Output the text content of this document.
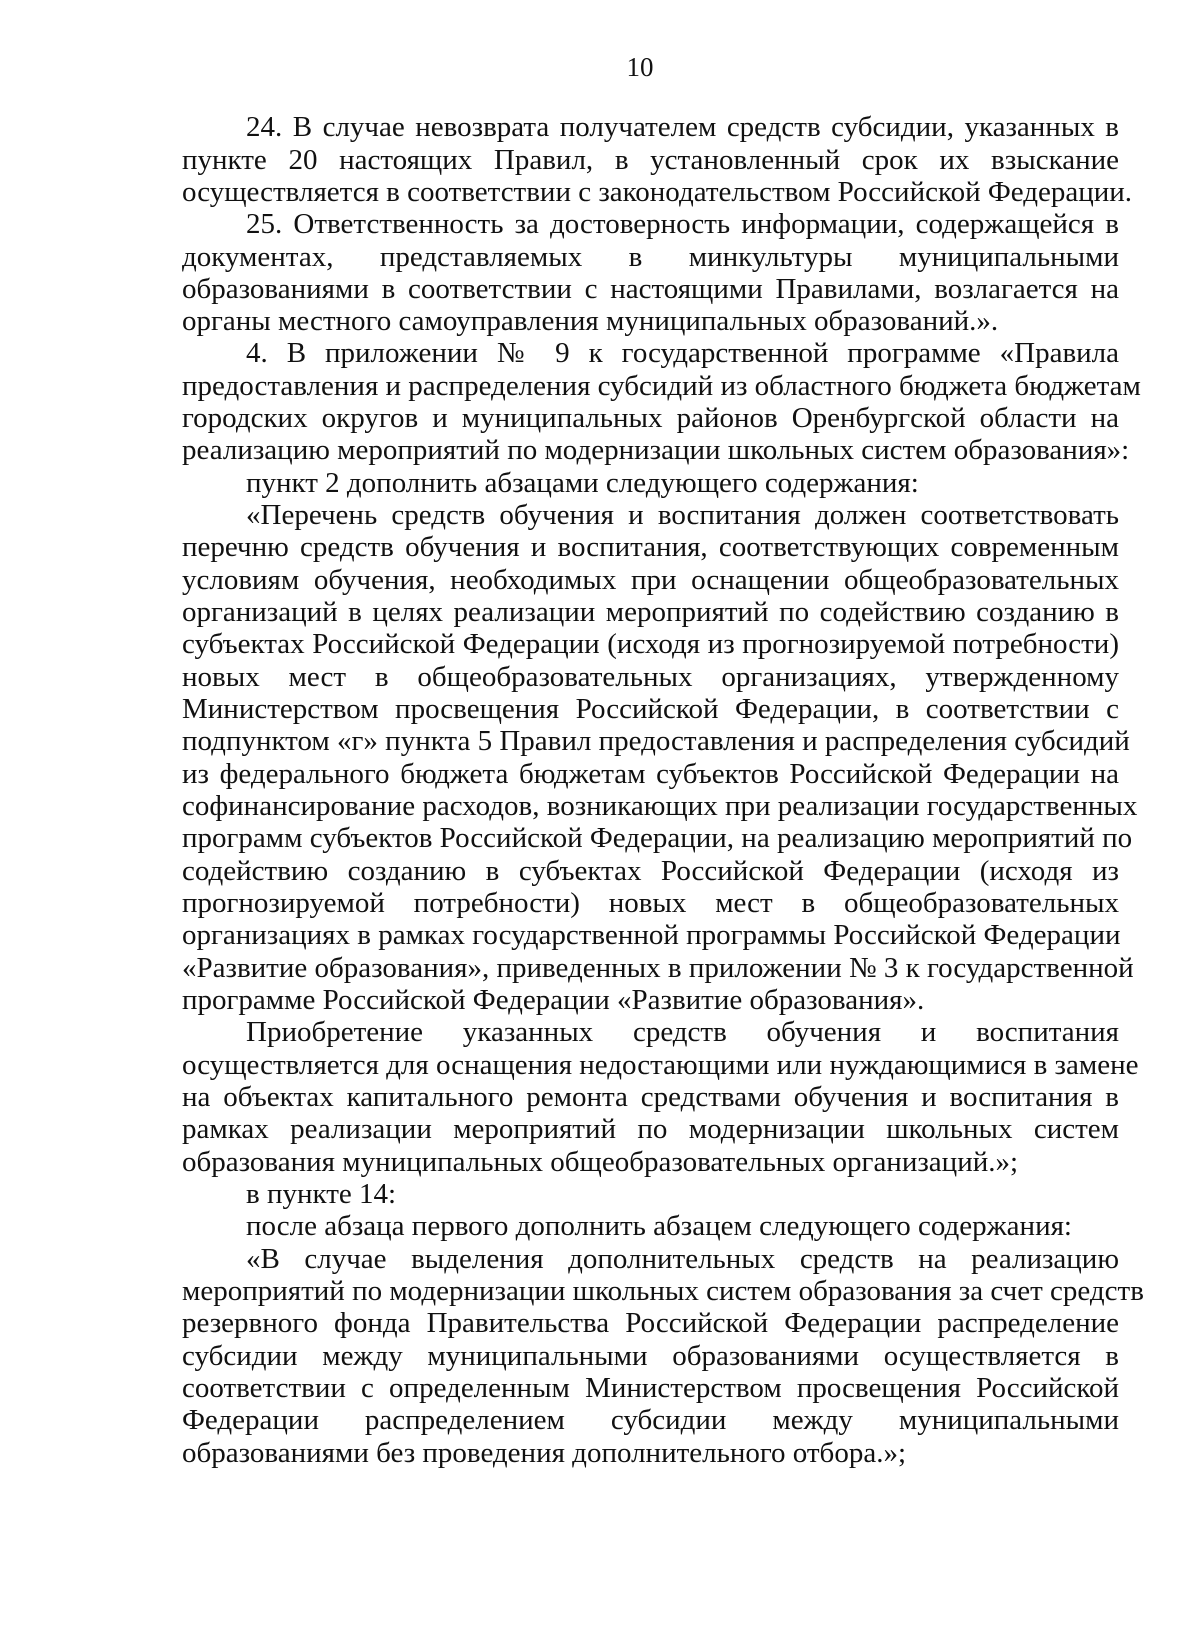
10
24. В случае невозврата получателем средств субсидии, указанных в
пункте 20 настоящих Правил, в установленный срок их взыскание
осуществляется в соответствии с законодательством Российской Федерации.
25. Ответственность за достоверность информации, содержащейся в
документах, представляемых в минкультуры муниципальными
образованиями в соответствии с настоящими Правилами, возлагается на
органы местного самоуправления муниципальных образований.».
4. В приложении № 9 к государственной программе «Правила
предоставления и распределения субсидий из областного бюджета бюджетам
городских округов и муниципальных районов Оренбургской области на
реализацию мероприятий по модернизации школьных систем образования»:
пункт 2 дополнить абзацами следующего содержания:
«Перечень средств обучения и воспитания должен соответствовать
перечню средств обучения и воспитания, соответствующих современным
условиям обучения, необходимых при оснащении общеобразовательных
организаций в целях реализации мероприятий по содействию созданию в
субъектах Российской Федерации (исходя из прогнозируемой потребности)
новых мест в общеобразовательных организациях, утвержденному
Министерством просвещения Российской Федерации, в соответствии с
подпунктом «г» пункта 5 Правил предоставления и распределения субсидий
из федерального бюджета бюджетам субъектов Российской Федерации на
софинансирование расходов, возникающих при реализации государственных
программ субъектов Российской Федерации, на реализацию мероприятий по
содействию созданию в субъектах Российской Федерации (исходя из
прогнозируемой потребности) новых мест в общеобразовательных
организациях в рамках государственной программы Российской Федерации
«Развитие образования», приведенных в приложении № 3 к государственной
программе Российской Федерации «Развитие образования».
Приобретение указанных средств обучения и воспитания
осуществляется для оснащения недостающими или нуждающимися в замене
на объектах капитального ремонта средствами обучения и воспитания в
рамках реализации мероприятий по модернизации школьных систем
образования муниципальных общеобразовательных организаций.»;
в пункте 14:
после абзаца первого дополнить абзацем следующего содержания:
«В случае выделения дополнительных средств на реализацию
мероприятий по модернизации школьных систем образования за счет средств
резервного фонда Правительства Российской Федерации распределение
субсидии между муниципальными образованиями осуществляется в
соответствии с определенным Министерством просвещения Российской
Федерации распределением субсидии между муниципальными
образованиями без проведения дополнительного отбора.»;
